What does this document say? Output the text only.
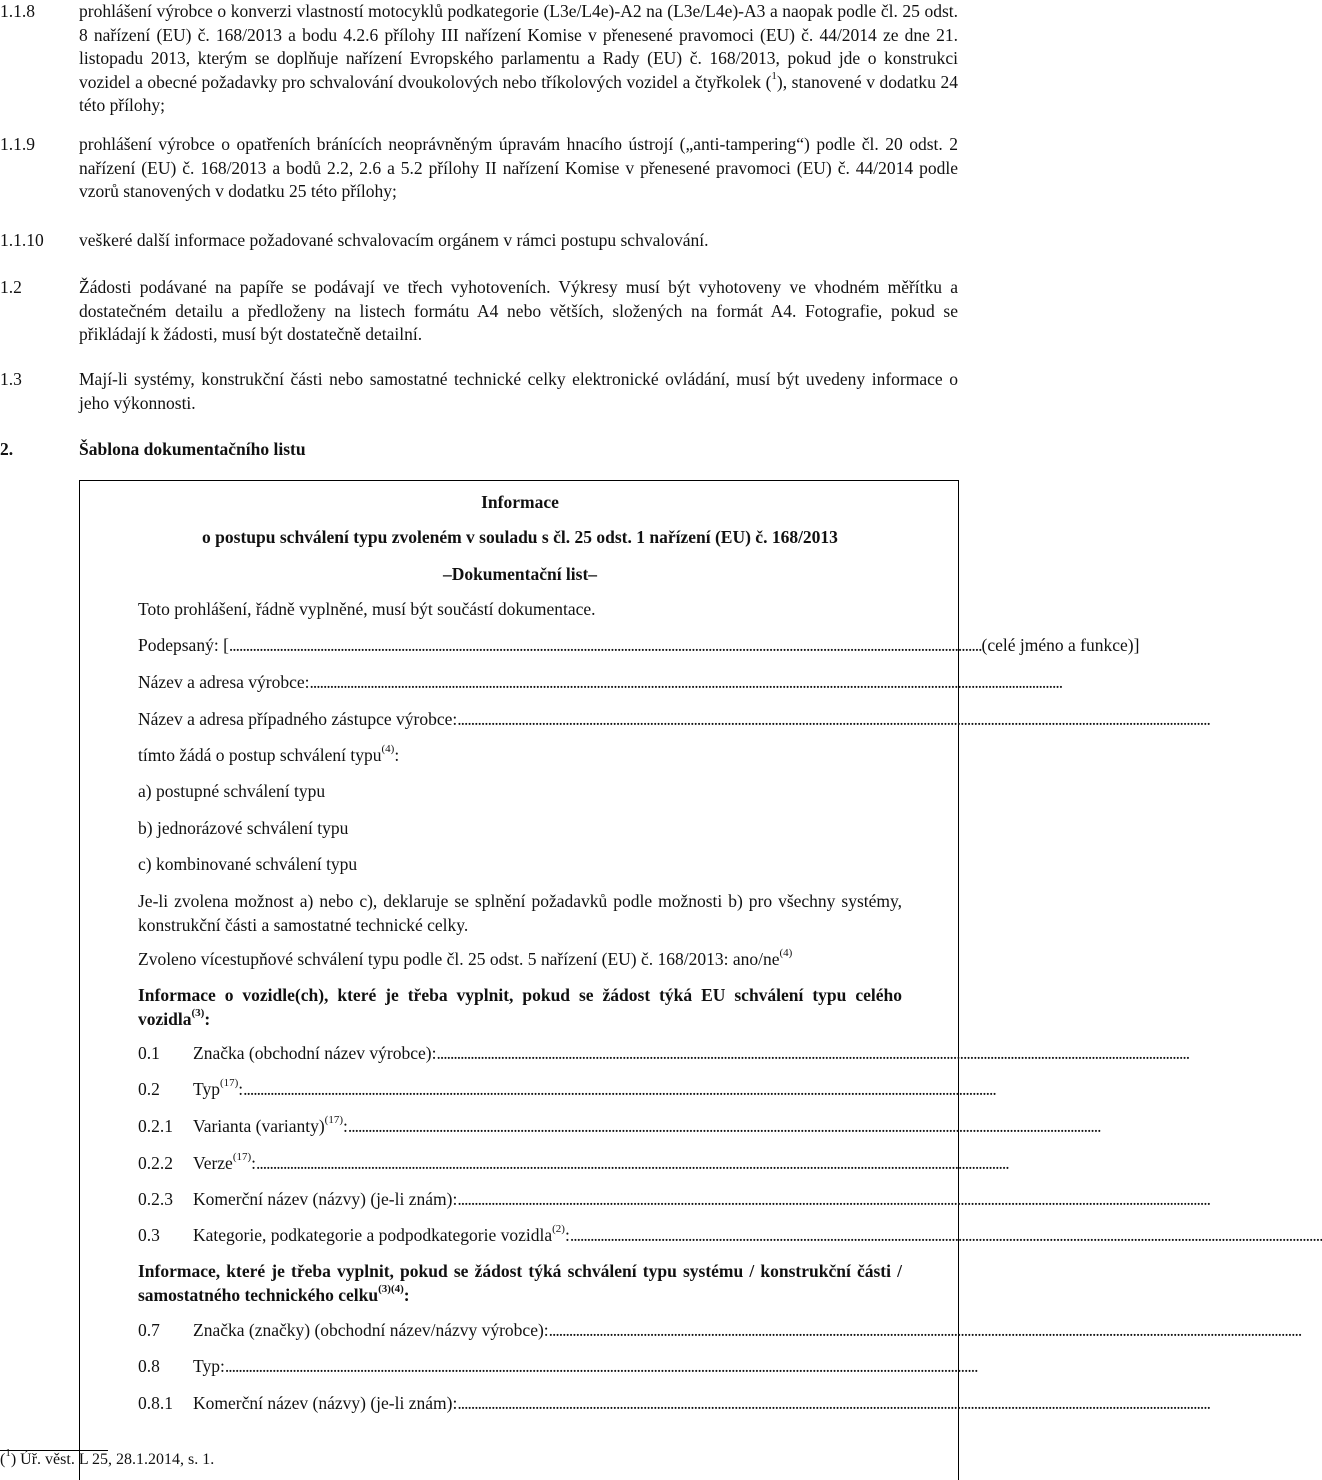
1.1.8	prohlášení výrobce o konverzi vlastností motocyklů podkategorie (L3e/L4e)-A2 na (L3e/L4e)-A3 a naopak podle čl. 25 odst. 8 nařízení (EU) č. 168/2013 a bodu 4.2.6 přílohy III nařízení Komise v přenesené pravomoci (EU) č. 44/2014 ze dne 21. listopadu 2013, kterým se doplňuje nařízení Evropského parlamentu a Rady (EU) č. 168/2013, pokud jde o konstrukci vozidel a obecné požadavky pro schvalování dvoukolových nebo tříkolových vozidel a čtyřkolek ($^1$), stanovené v dodatku 24 této přílohy;
1.1.9	prohlášení výrobce o opatřeních bránících neoprávněným úpravám hnacího ústrojí („anti-tampering“) podle čl. 20 odst. 2 nařízení (EU) č. 168/2013 a bodů 2.2, 2.6 a 5.2 přílohy II nařízení Komise v přenesené pravomoci (EU) č. 44/2014 podle vzorů stanovených v dodatku 25 této přílohy;
1.1.10 veškeré další informace požadované schvalovacím orgánem v rámci postupu schvalování.
1.2	Žádosti podávané na papíře se podávají ve třech vyhotoveních. Výkresy musí být vyhotoveny ve vhodném měřítku a dostatečném detailu a předloženy na listech formátu A4 nebo větších, složených na formát A4. Fotografie, pokud se přikládají k žádosti, musí být dostatečně detailní.
1.3	Mají-li systémy, konstrukční části nebo samostatné technické celky elektronické ovládání, musí být uvedeny informace o jeho výkonnosti.
2.	Šablona dokumentačního listu
Informace
o postupu schválení typu zvoleném v souladu s čl. 25 odst. 1 nařízení (EU) č. 168/2013
–Dokumentační list–
Toto prohlášení, řádně vyplněné, musí být součástí dokumentace.
Podepsaný: [ ............................................................................................................................................................................................................................... (celé jméno a funkce)]
Název a adresa výrobce: ...............................................................................................................................................................................................................................
Název a adresa případného zástupce výrobce: ...............................................................................................................................................................................................................................
tímto žádá o postup schválení typu$^{(4)}$:
a) postupné schválení typu
b) jednorázové schválení typu
c) kombinované schválení typu
Je-li zvolena možnost a) nebo c), deklaruje se splnění požadavků podle možnosti b) pro všechny systémy, konstrukční části a samostatné technické celky.
Zvoleno vícestupňové schválení typu podle čl. 25 odst. 5 nařízení (EU) č. 168/2013: ano/$ne^{(4)}$
Informace o vozidle(ch), které je třeba vyplnit, pokud se žádost týká EU schválení typu celého vozidla$^{(3)}$:
0.1	Značka (obchodní název výrobce): ...............................................................................................................................................................................................................................
0.2	Typ$^{(17)}$: ...............................................................................................................................................................................................................................
0.2.1	Varianta (varianty)$^{(17)}$: ...............................................................................................................................................................................................................................
0.2.2	Verze$^{(17)}$: ...............................................................................................................................................................................................................................
0.2.3	Komerční název (názvy) (je-li znám): ...............................................................................................................................................................................................................................
0.3	Kategorie, podkategorie a podpodkategorie vozidla$^{(2)}$: ...............................................................................................................................................................................................................................
Informace, které je třeba vyplnit, pokud se žádost týká schválení typu systému / konstrukční části / samostatného technického celku$^{(3)(4)}$:
0.7	Značka (značky) (obchodní název/názvy výrobce): ...............................................................................................................................................................................................................................
0.8	Typ: ...............................................................................................................................................................................................................................
0.8.1	Komerční název (názvy) (je-li znám): ...............................................................................................................................................................................................................................
($^1$) Úř. věst. L 25, 28.1.2014, s. 1.
